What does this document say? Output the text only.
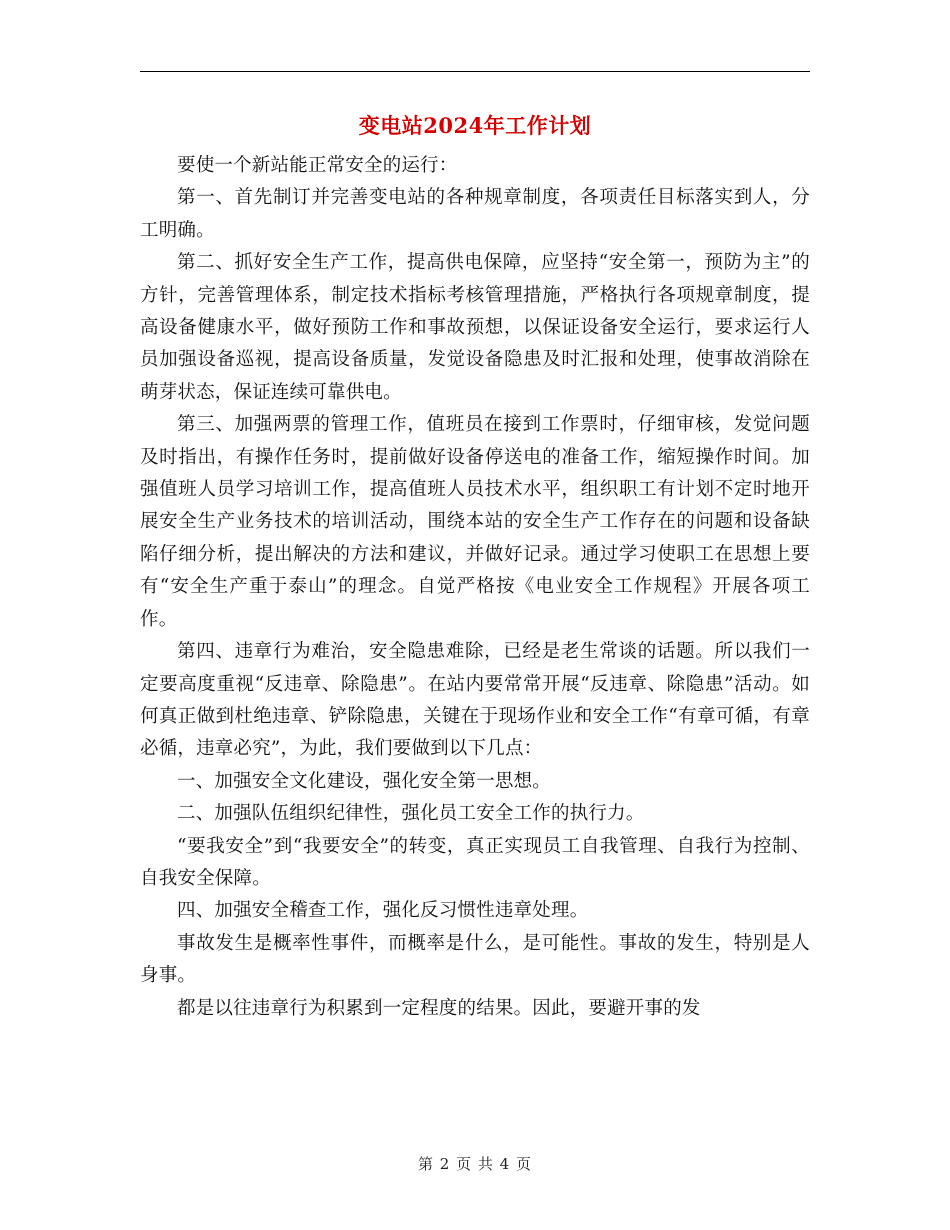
变电站2024年工作计划

要使一个新站能正常安全的运行：

第一、首先制订并完善变电站的各种规章制度，各项责任目标落实到人，分工明确。

第二、抓好安全生产工作，提高供电保障，应坚持“安全第一，预防为主”的方针，完善管理体系，制定技术指标考核管理措施，严格执行各项规章制度，提高设备健康水平，做好预防工作和事故预想，以保证设备安全运行，要求运行人员加强设备巡视，提高设备质量，发觉设备隐患及时汇报和处理，使事故消除在萌芽状态，保证连续可靠供电。

第三、加强两票的管理工作，值班员在接到工作票时，仔细审核，发觉问题及时指出，有操作任务时，提前做好设备停送电的准备工作，缩短操作时间。加强值班人员学习培训工作，提高值班人员技术水平，组织职工有计划不定时地开展安全生产业务技术的培训活动，围绕本站的安全生产工作存在的问题和设备缺陷仔细分析，提出解决的方法和建议，并做好记录。通过学习使职工在思想上要有“安全生产重于泰山”的理念。自觉严格按《电业安全工作规程》开展各项工作。

第四、违章行为难治，安全隐患难除，已经是老生常谈的话题。所以我们一定要高度重视“反违章、除隐患”。在站内要常常开展“反违章、除隐患”活动。如何真正做到杜绝违章、铲除隐患，关键在于现场作业和安全工作“有章可循，有章必循，违章必究”，为此，我们要做到以下几点：

一、加强安全文化建设，强化安全第一思想。

二、加强队伍组织纪律性，强化员工安全工作的执行力。

“要我安全”到“我要安全”的转变，真正实现员工自我管理、自我行为控制、自我安全保障。

四、加强安全稽查工作，强化反习惯性违章处理。

事故发生是概率性事件，而概率是什么，是可能性。事故的发生，特别是人身事。

都是以往违章行为积累到一定程度的结果。因此，要避开事的发

第 2 页 共 4 页
